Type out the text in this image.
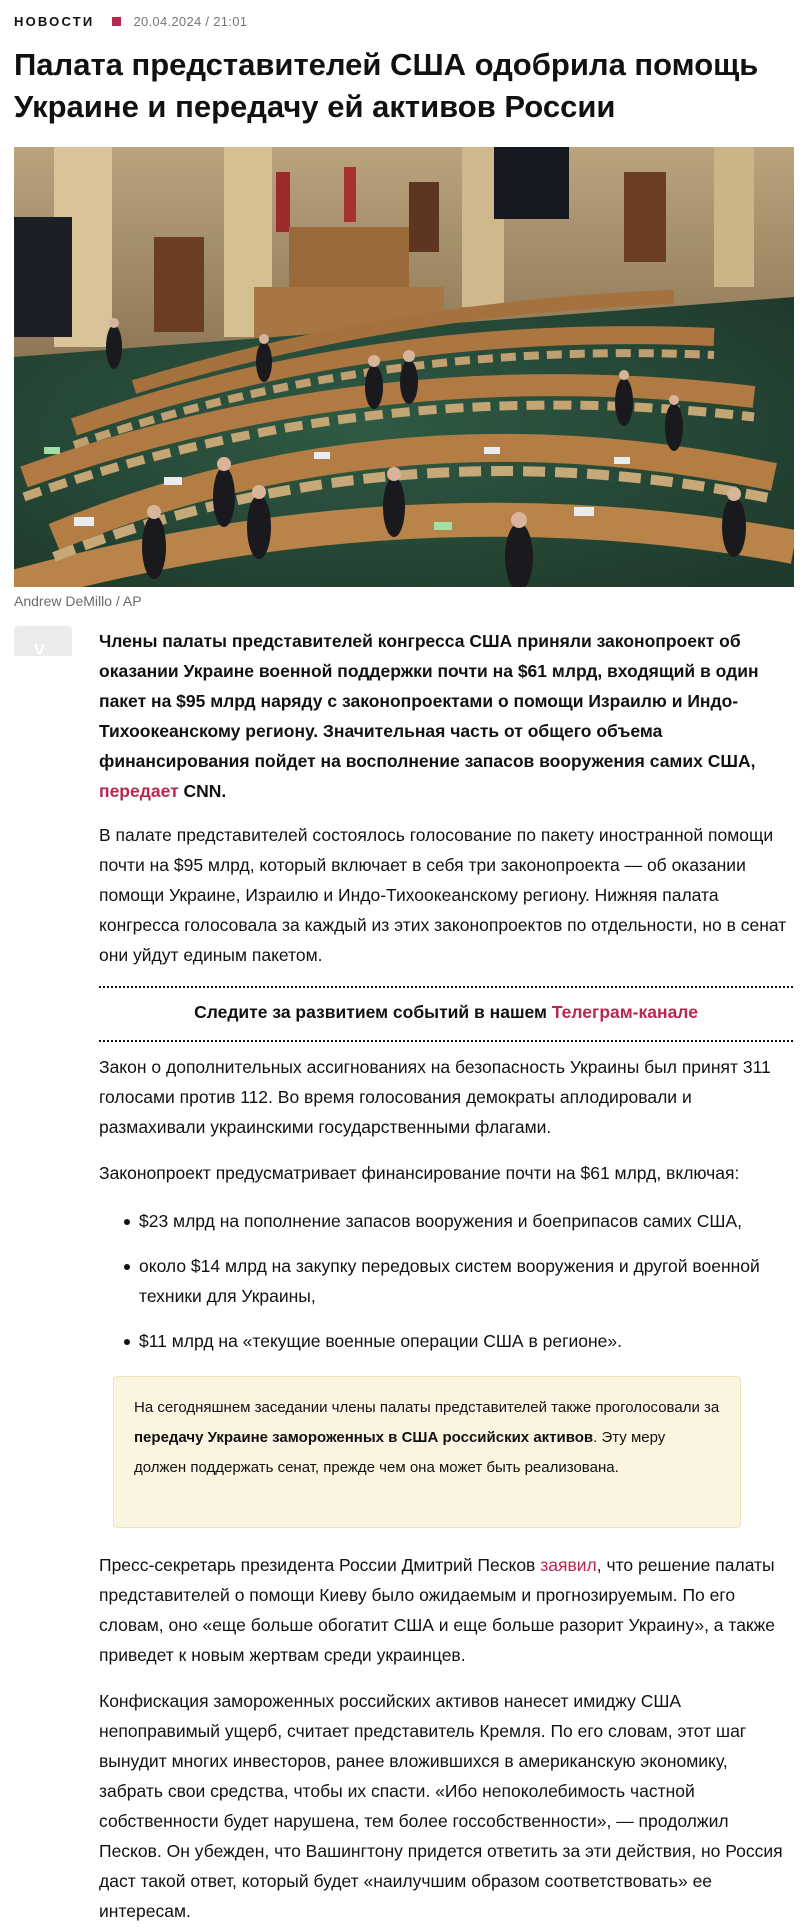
НОВОСТИ	20.04.2024 / 21:01
Палата представителей США одобрила помощь Украине и передачу ей активов России
Andrew DeMillo / AP
V	Члены палаты представителей конгресса США приняли законопроект об оказании Украине военной поддержки почти на $61 млрд, входящий в один пакет на $95 млрд наряду с законопроектами о помощи Израилю и Индо-Тихоокеанскому региону. Значительная часть от общего объема финансирования пойдет на восполнение запасов вооружения самих США, передает CNN.

В палате представителей состоялось голосование по пакету иностранной помощи почти на $95 млрд, который включает в себя три законопроекта — об оказании помощи Украине, Израилю и Индо-Тихоокеанскому региону. Нижняя палата конгресса голосовала за каждый из этих законопроектов по отдельности, но в сенат они уйдут единым пакетом.

Следите за развитием событий в нашем Телеграм-канале

Закон о дополнительных ассигнованиях на безопасность Украины был принят 311 голосами против 112. Во время голосования демократы аплодировали и размахивали украинскими государственными флагами.

Законопроект предусматривает финансирование почти на $61 млрд, включая:

$23 млрд на пополнение запасов вооружения и боеприпасов самих США,
около $14 млрд на закупку передовых систем вооружения и другой военной техники для Украины,
$11 млрд на «текущие военные операции США в регионе».
На сегодняшнем заседании члены палаты представителей также проголосовали за передачу Украине замороженных в США российских активов. Эту меру должен поддержать сенат, прежде чем она может быть реализована.

Пресс-секретарь президента России Дмитрий Песков заявил, что решение палаты представителей о помощи Киеву было ожидаемым и прогнозируемым. По его словам, оно «еще больше обогатит США и еще больше разорит Украину», а также приведет к новым жертвам среди украинцев.

Конфискация замороженных российских активов нанесет имиджу США непоправимый ущерб, считает представитель Кремля. По его словам, этот шаг вынудит многих инвесторов, ранее вложившихся в американскую экономику, забрать свои средства, чтобы их спасти. «Ибо непоколебимость частной собственности будет нарушена, тем более госсобственности», — продолжил Песков. Он убежден, что Вашингтону придется ответить за эти действия, но Россия даст такой ответ, который будет «наилучшим образом соответствовать» ее интересам.
